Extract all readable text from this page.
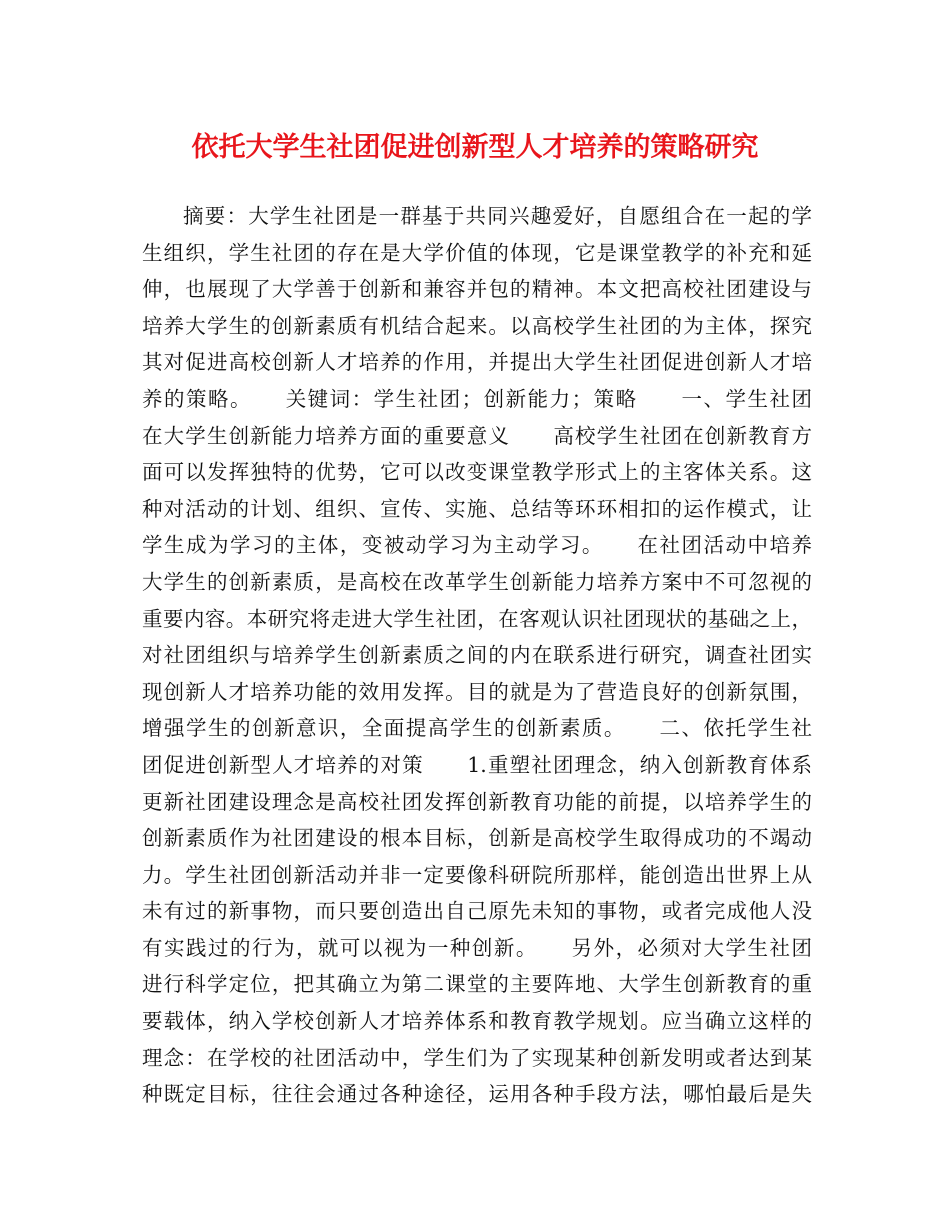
依托大学生社团促进创新型人才培养的策略研究
摘要：大学生社团是一群基于共同兴趣爱好，自愿组合在一起的学
生组织，学生社团的存在是大学价值的体现，它是课堂教学的补充和延
伸，也展现了大学善于创新和兼容并包的精神。本文把高校社团建设与
培养大学生的创新素质有机结合起来。以高校学生社团的为主体，探究
其对促进高校创新人才培养的作用，并提出大学生社团促进创新人才培
养的策略。　　关键词：学生社团；创新能力；策略　　一、学生社团
在大学生创新能力培养方面的重要意义　　高校学生社团在创新教育方
面可以发挥独特的优势，它可以改变课堂教学形式上的主客体关系。这
种对活动的计划、组织、宣传、实施、总结等环环相扣的运作模式，让
学生成为学习的主体，变被动学习为主动学习。　　在社团活动中培养
大学生的创新素质，是高校在改革学生创新能力培养方案中不可忽视的
重要内容。本研究将走进大学生社团，在客观认识社团现状的基础之上，
对社团组织与培养学生创新素质之间的内在联系进行研究，调查社团实
现创新人才培养功能的效用发挥。目的就是为了营造良好的创新氛围，
增强学生的创新意识，全面提高学生的创新素质。　　二、依托学生社
团促进创新型人才培养的对策　　1.重塑社团理念，纳入创新教育体系
更新社团建设理念是高校社团发挥创新教育功能的前提，以培养学生的
创新素质作为社团建设的根本目标，创新是高校学生取得成功的不竭动
力。学生社团创新活动并非一定要像科研院所那样，能创造出世界上从
未有过的新事物，而只要创造出自己原先未知的事物，或者完成他人没
有实践过的行为，就可以视为一种创新。　　另外，必须对大学生社团
进行科学定位，把其确立为第二课堂的主要阵地、大学生创新教育的重
要载体，纳入学校创新人才培养体系和教育教学规划。应当确立这样的
理念：在学校的社团活动中，学生们为了实现某种创新发明或者达到某
种既定目标，往往会通过各种途径，运用各种手段方法，哪怕最后是失
